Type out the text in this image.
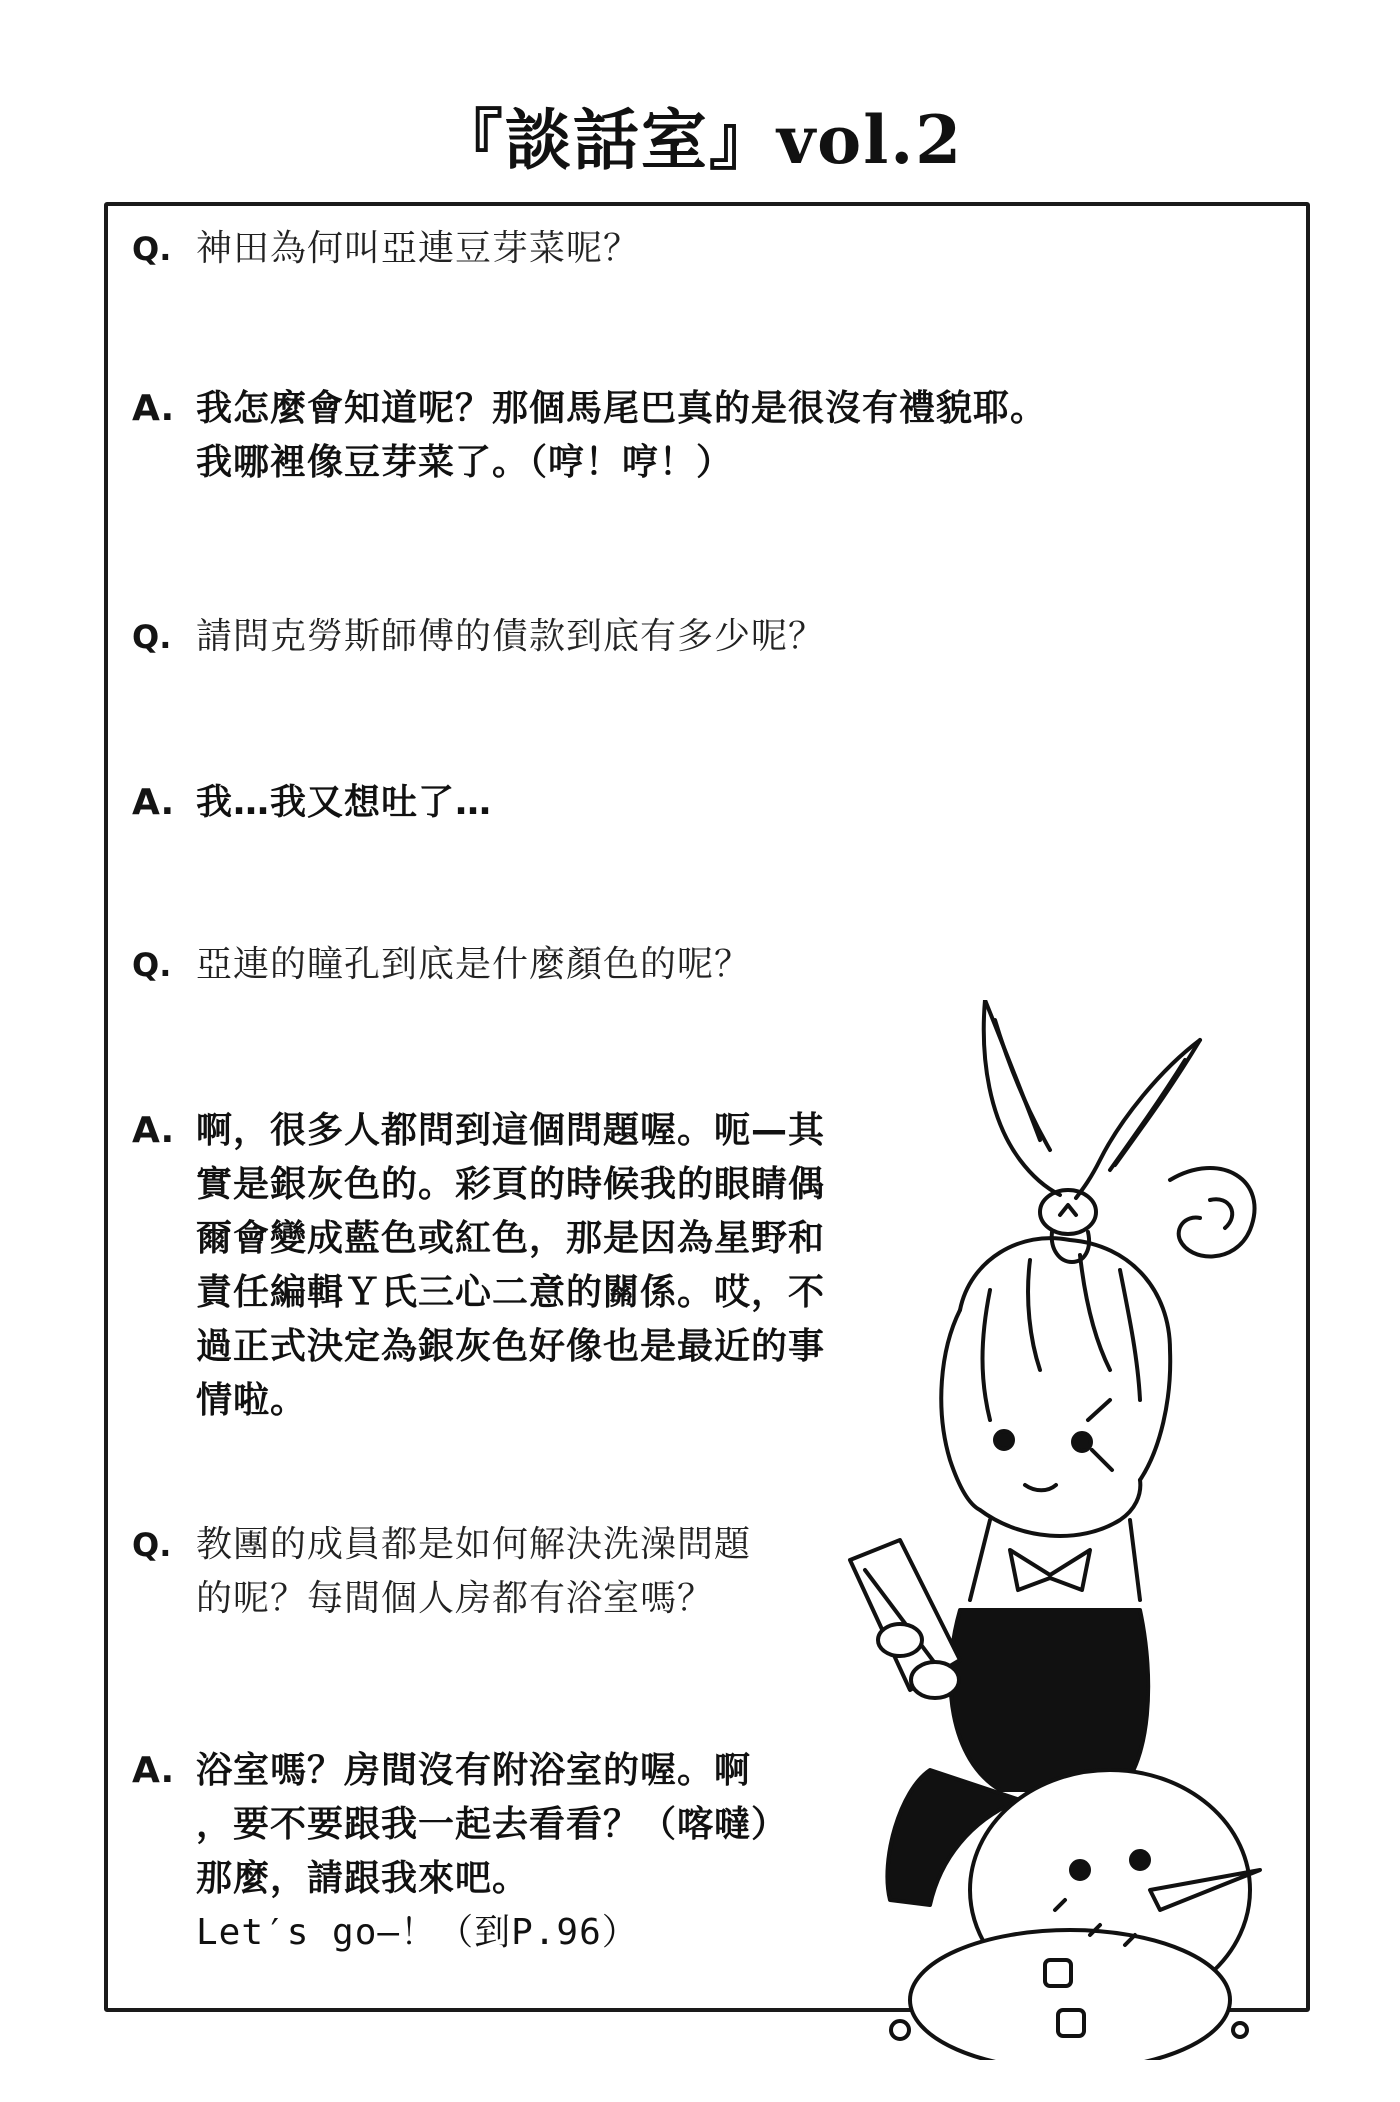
『談話室』vol.2
Q. 神田為何叫亞連豆芽菜呢？
A. 我怎麼會知道呢？那個馬尾巴真的是很沒有禮貌耶。
我哪裡像豆芽菜了。（哼！哼！）
Q. 請問克勞斯師傅的債款到底有多少呢？
A. 我…我又想吐了…
Q. 亞連的瞳孔到底是什麼顏色的呢？
A. 啊，很多人都問到這個問題喔。呃—其
實是銀灰色的。彩頁的時候我的眼睛偶
爾會變成藍色或紅色，那是因為星野和
責任編輯Ｙ氏三心二意的關係。哎，不
過正式決定為銀灰色好像也是最近的事
情啦。
Q. 教團的成員都是如何解決洗澡問題
的呢？每間個人房都有浴室嗎？
A. 浴室嗎？房間沒有附浴室的喔。啊
，要不要跟我一起去看看？（喀噠）
那麼，請跟我來吧。
Let′s go—！（到P.96）
